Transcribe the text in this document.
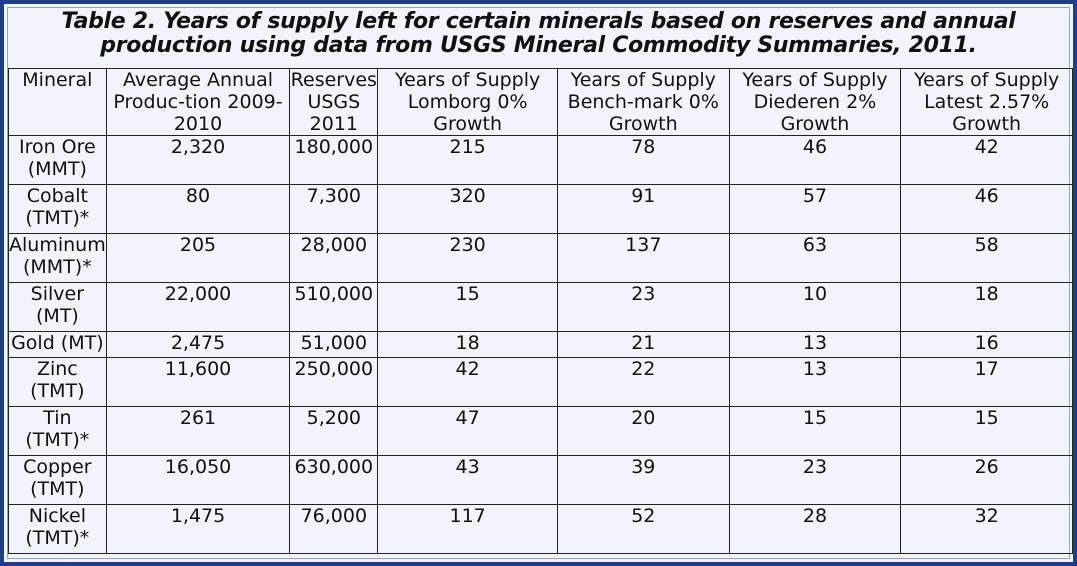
Table 2. Years of supply left for certain minerals based on reserves and annual production using data from USGS Mineral Commodity Summaries, 2011.
Mineral	Average Annual Produc-tion 2009-2010	Reserves USGS 2011	Years of Supply Lomborg 0% Growth	Years of Supply Bench-mark 0% Growth	Years of Supply Diederen 2% Growth	Years of Supply Latest 2.57% Growth
Iron Ore (MMT)	2,320	180,000	215	78	46	42
Cobalt (TMT)*	80	7,300	320	91	57	46
Aluminum (MMT)*	205	28,000	230	137	63	58
Silver (MT)	22,000	510,000	15	23	10	18
Gold (MT)	2,475	51,000	18	21	13	16
Zinc (TMT)	11,600	250,000	42	22	13	17
Tin (TMT)*	261	5,200	47	20	15	15
Copper (TMT)	16,050	630,000	43	39	23	26
Nickel (TMT)*	1,475	76,000	117	52	28	32
